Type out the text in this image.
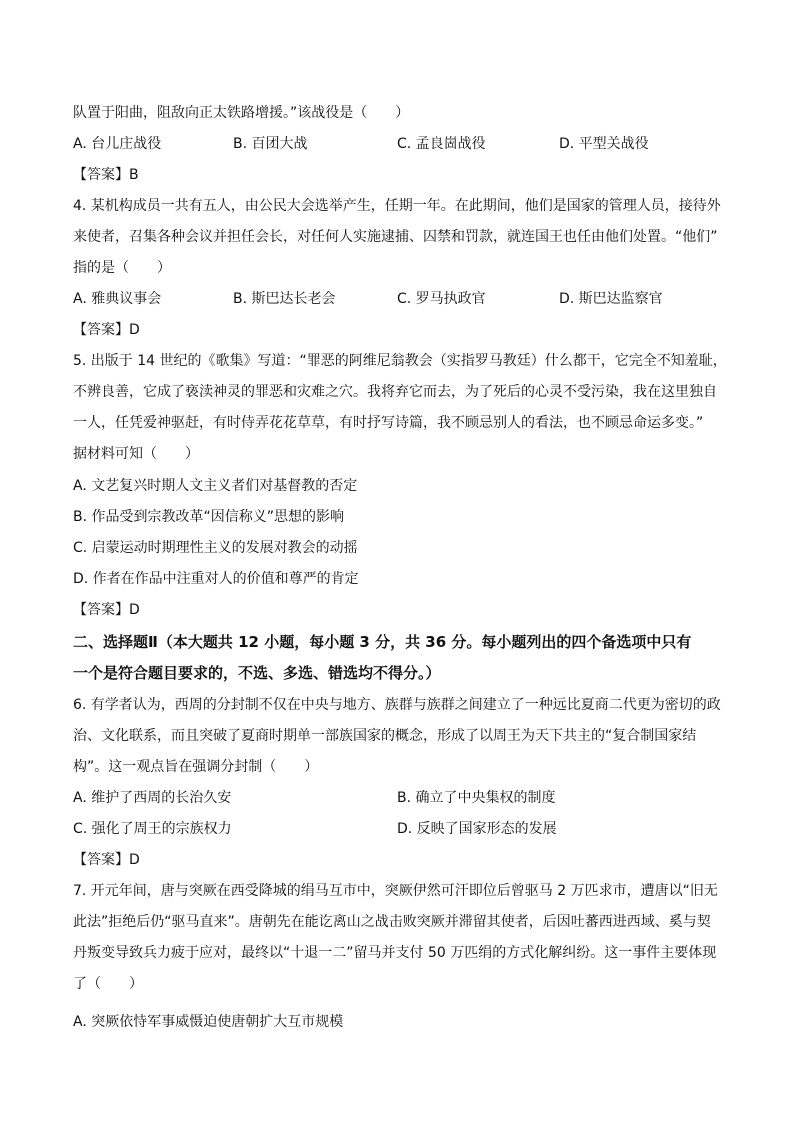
队置于阳曲，阻敌向正太铁路增援。”该战役是（　　）
A. 台儿庄战役	B. 百团大战	C. 孟良崮战役	D. 平型关战役
【答案】B
4. 某机构成员一共有五人，由公民大会选举产生，任期一年。在此期间，他们是国家的管理人员，接待外
来使者，召集各种会议并担任会长，对任何人实施逮捕、囚禁和罚款，就连国王也任由他们处置。“他们”
指的是（　　）
A. 雅典议事会	B. 斯巴达长老会	C. 罗马执政官	D. 斯巴达监察官
【答案】D
5. 出版于 14 世纪的《歌集》写道：“罪恶的阿维尼翁教会（实指罗马教廷）什么都干，它完全不知羞耻，
不辨良善，它成了亵渎神灵的罪恶和灾难之穴。我将弃它而去，为了死后的心灵不受污染，我在这里独自
一人，任凭爱神驱赶，有时侍弄花花草草，有时抒写诗篇，我不顾忌别人的看法，也不顾忌命运多变。”
据材料可知（　　）
A. 文艺复兴时期人文主义者们对基督教的否定
B. 作品受到宗教改革“因信称义”思想的影响
C. 启蒙运动时期理性主义的发展对教会的动摇
D. 作者在作品中注重对人的价值和尊严的肯定
【答案】D
二、选择题Ⅱ（本大题共 12 小题，每小题 3 分，共 36 分。每小题列出的四个备选项中只有
一个是符合题目要求的，不选、多选、错选均不得分。）
6. 有学者认为，西周的分封制不仅在中央与地方、族群与族群之间建立了一种远比夏商二代更为密切的政
治、文化联系，而且突破了夏商时期单一部族国家的概念，形成了以周王为天下共主的“复合制国家结
构”。这一观点旨在强调分封制（　　）
A. 维护了西周的长治久安	B. 确立了中央集权的制度
C. 强化了周王的宗族权力	D. 反映了国家形态的发展
【答案】D
7. 开元年间，唐与突厥在西受降城的绢马互市中，突厥伊然可汗即位后曾驱马 2 万匹求市，遭唐以“旧无
此法”拒绝后仍“驱马直来”。唐朝先在能讫离山之战击败突厥并滞留其使者，后因吐蕃西进西域、奚与契
丹叛变导致兵力疲于应对，最终以“十退一二”留马并支付 50 万匹绢的方式化解纠纷。这一事件主要体现
了（　　）
A. 突厥依恃军事威慑迫使唐朝扩大互市规模
